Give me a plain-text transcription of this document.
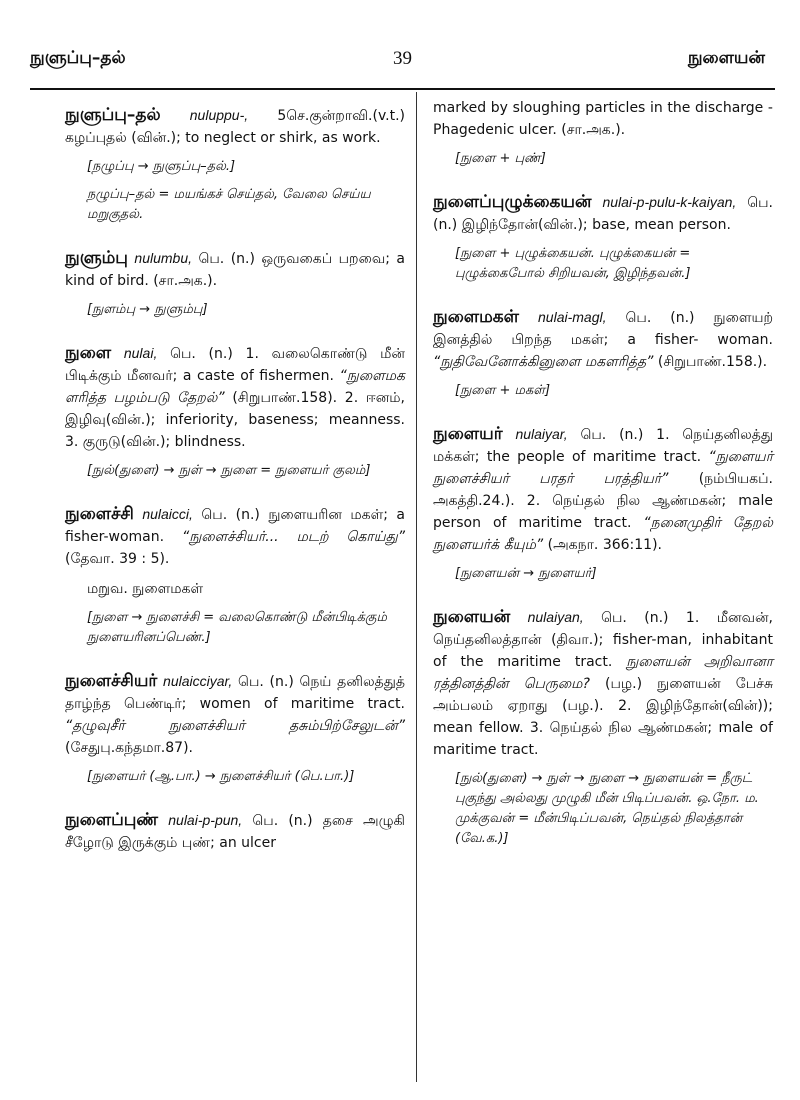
நுளுப்பு–தல்	39	நுளையன்

நுளுப்பு–தல் nuluppu-, 5செ.குன்றாவி.(v.t.) கழப்புதல் (வின்.); to neglect or shirk, as work.

[நழுப்பு → நுளுப்பு–தல்.]
நழுப்பு–தல் = மயங்கச் செய்தல், வேலை செய்ய மறுகுதல்.

நுளும்பு nulumbu, பெ. (n.) ஒருவகைப் பறவை; a kind of bird. (சா.அக.).

[நுளம்பு → நுளும்பு]

நுளை nulai, பெ. (n.) 1. வலைகொண்டு மீன் பிடிக்கும் மீனவர்; a caste of fishermen. “நுளைமக ளரித்த பழம்படு தேறல்” (சிறுபாண்.158). 2. ஈனம், இழிவு(வின்.); inferiority, baseness; meanness. 3. குருடு(வின்.); blindness.

[நுல்(துளை) → நுள் → நுளை = நுளையர் குலம்]

நுளைச்சி nulaicci, பெ. (n.) நுளையரின மகள்; a fisher-woman. “நுளைச்சியர்... மடற் கொய்து” (தேவா. 39 : 5).

மறுவ. நுளைமகள்

[நுளை → நுளைச்சி = வலைகொண்டு மீன்பிடிக்கும் நுளையரினப்பெண்.]

நுளைச்சியர் nulaicciyar, பெ. (n.) நெய் தனிலத்துத் தாழ்ந்த பெண்டிர்; women of maritime tract. “தழுவுசீர் நுளைச்சியர் தசும்பிற்சேலுடன்” (சேதுபு.கந்தமா.87).

[நுளையர் (ஆ.பா.) → நுளைச்சியர் (பெ.பா.)]

நுளைப்புண் nulai-p-pun, பெ. (n.) தசை அழுகி சீழோடு இருக்கும் புண்; an ulcer

marked by sloughing particles in the discharge - Phagedenic ulcer. (சா.அக.).

[நுளை + புண்]

நுளைப்புழுக்கையன் nulai-p-pulu-k-kaiyan, பெ. (n.) இழிந்தோன்(வின்.); base, mean person.

[நுளை + புழுக்கையன். புழுக்கையன் = புழுக்கைபோல் சிறியவன், இழிந்தவன்.]

நுளைமகள் nulai-magl, பெ. (n.) நுளையற் இனத்தில் பிறந்த மகள்; a fisher- woman. “நுதிவேனோக்கினுளை மகளரித்த” (சிறுபாண்.158.).

[நுளை + மகள்]

நுளையர் nulaiyar, பெ. (n.) 1. நெய்தனிலத்து மக்கள்; the people of maritime tract. “நுளையர் நுளைச்சியர் பரதர் பரத்தியர்” (நம்பியகப். அகத்தி.24.). 2. நெய்தல் நில ஆண்மகன்; male person of maritime tract. “நனைமுதிர் தேறல் நுளையர்க் கீயும்” (அகநா. 366:11).

[நுளையன் → நுளையர்]

நுளையன் nulaiyan, பெ. (n.) 1. மீனவன், நெய்தனிலத்தான் (திவா.); fisher-man, inhabitant of the maritime tract. நுளையன் அறிவானா ரத்தினத்தின் பெருமை? (பழ.) நுளையன் பேச்சு அம்பலம் ஏறாது (பழ.). 2. இழிந்தோன்(வின்)); mean fellow. 3. நெய்தல் நில ஆண்மகன்; male of maritime tract.

[நுல்(துளை) → நுள் → நுளை → நுளையன் = நீருட் புகுந்து அல்லது முழுகி மீன் பிடிப்பவன். ஒ.நோ. ம. முக்குவன் = மீன்பிடிப்பவன், நெய்தல் நிலத்தான் (வே.க.)]
